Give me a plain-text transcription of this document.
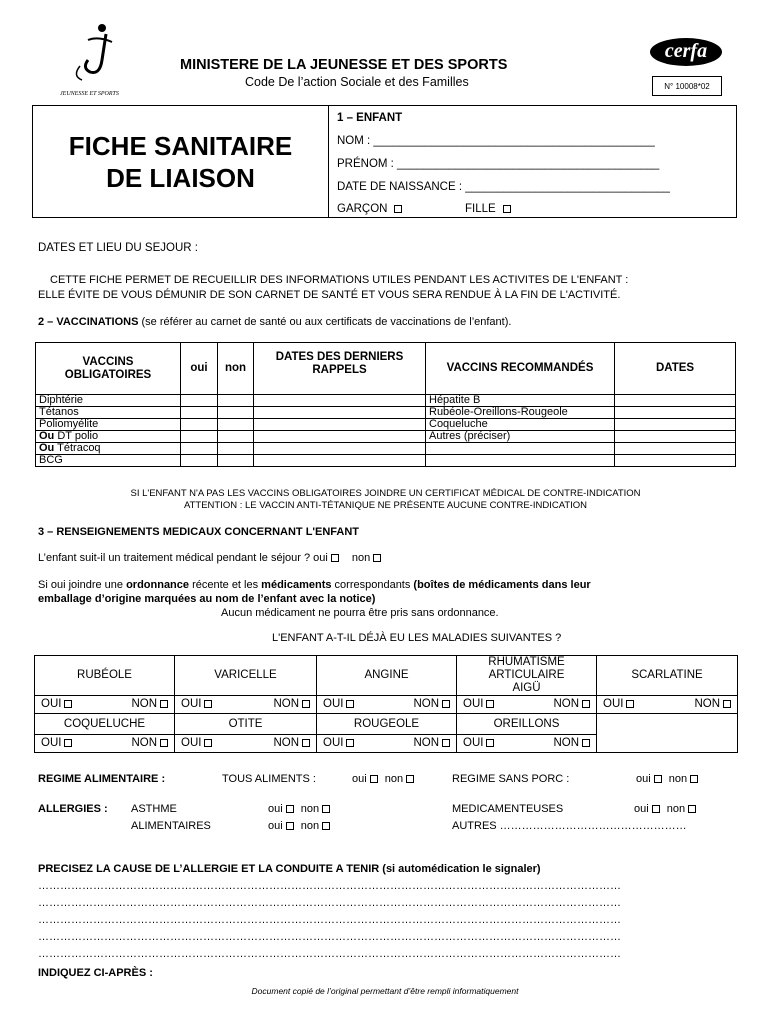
JEUNESSE ET SPORTS
MINISTERE DE LA JEUNESSE ET DES SPORTS
Code De l’action Sociale et des Familles
cerfa
N° 10008*02
FICHE SANITAIRE
DE LIAISON
1 – ENFANT
NOM : ____________________________________________
PRÉNOM : _________________________________________
DATE DE NAISSANCE : ________________________________
GARÇON	FILLE
DATES ET LIEU DU SEJOUR :
CETTE FICHE PERMET DE RECUEILLIR DES INFORMATIONS UTILES PENDANT LES ACTIVITES DE L'ENFANT :
ELLE ÉVITE DE VOUS DÉMUNIR DE SON CARNET DE SANTÉ ET VOUS SERA RENDUE À LA FIN DE L'ACTIVITÉ.
2 – VACCINATIONS (se référer au carnet de santé ou aux certificats de vaccinations de l’enfant).
VACCINS OBLIGATOIRES	oui	non	DATES DES DERNIERS RAPPELS	VACCINS RECOMMANDÉS	DATES
Diphtérie				Hépatite B	
Tétanos				Rubéole-Oreillons-Rougeole	
Poliomyélite				Coqueluche	
Ou DT polio				Autres (préciser)	
Ou Tétracoq					
BCG					
SI L'ENFANT N'A PAS LES VACCINS OBLIGATOIRES JOINDRE UN CERTIFICAT MÉDICAL DE CONTRE-INDICATION
ATTENTION : LE VACCIN ANTI-TÉTANIQUE NE PRÉSENTE AUCUNE CONTRE-INDICATION
3 – RENSEIGNEMENTS MEDICAUX CONCERNANT L'ENFANT
L’enfant suit-il un traitement médical pendant le séjour ? oui non
Si oui joindre une ordonnance récente et les médicaments correspondants (boîtes de médicaments dans leur
emballage d’origine marquées au nom de l’enfant avec la notice)
Aucun médicament ne pourra être pris sans ordonnance.
L'ENFANT A-T-IL DÉJÀ EU LES MALADIES SUIVANTES ?
RUBÉOLE	VARICELLE	ANGINE	RHUMATISME ARTICULAIRE AIGÜ	SCARLATINE

OUI NON	OUI NON	OUI NON	OUI NON	OUI NON

COQUELUCHE	OTITE	ROUGEOLE	OREILLONS	

OUI NON	OUI NON	OUI NON	OUI NON	
REGIME ALIMENTAIRE :	TOUS ALIMENTS :	oui non	REGIME SANS PORC :	oui non
ALLERGIES : ASTHME	oui non	MEDICAMENTEUSES	oui non
ALIMENTAIRES	oui non	AUTRES ……………………………………………
PRECISEZ LA CAUSE DE L’ALLERGIE ET LA CONDUITE A TENIR (si automédication le signaler)
……………………………………………………………………………………………………………………………………………
……………………………………………………………………………………………………………………………………………
……………………………………………………………………………………………………………………………………………
……………………………………………………………………………………………………………………………………………
……………………………………………………………………………………………………………………………………………
INDIQUEZ CI-APRÈS :
Document copié de l’original permettant d’être rempli informatiquement
